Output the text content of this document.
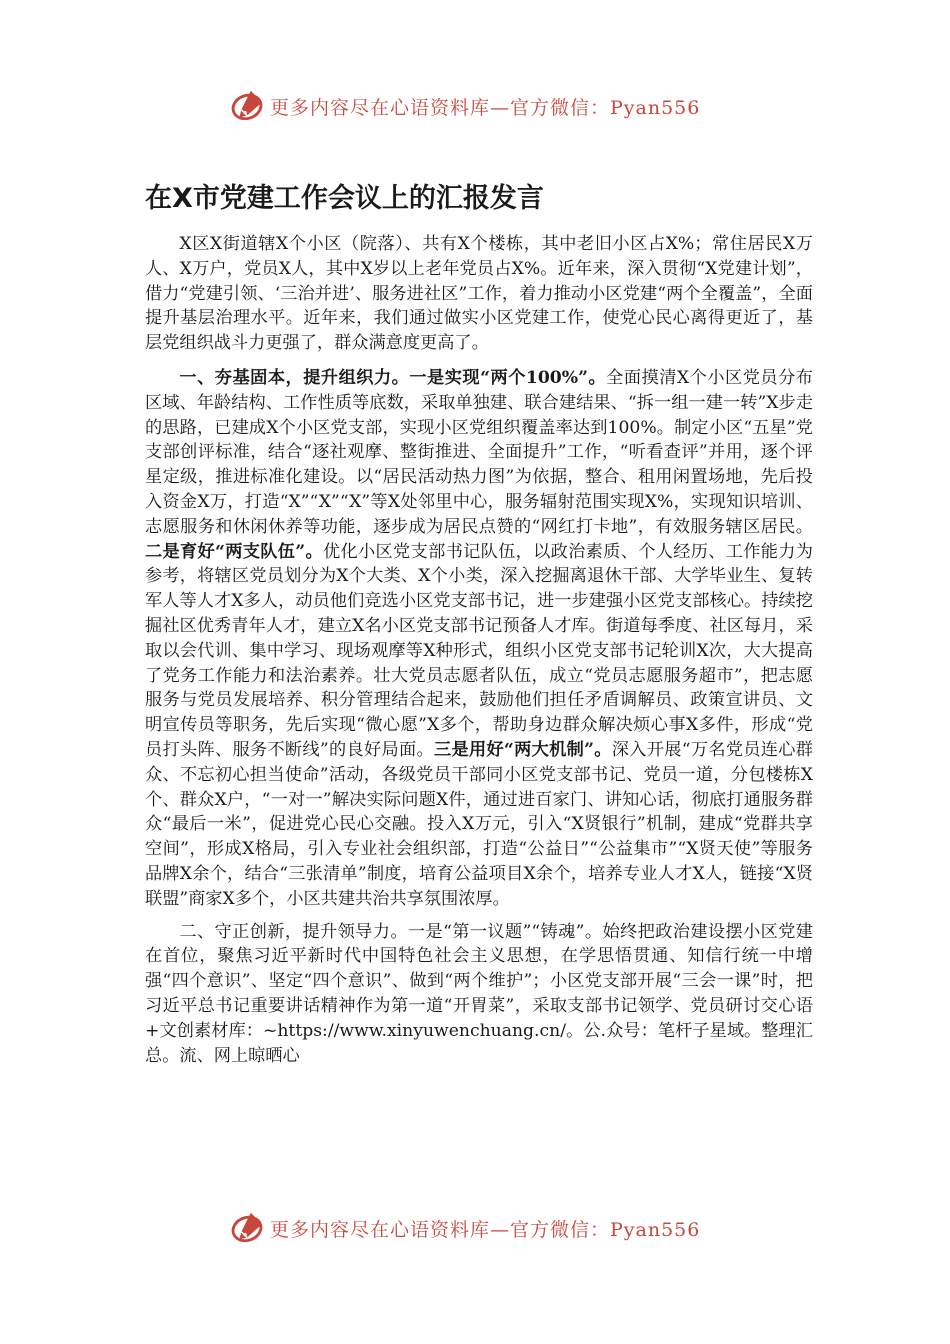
更多内容尽在心语资料库—官方微信：Pyan556
在X市党建工作会议上的汇报发言

X区X街道辖X个小区（院落）、共有X个楼栋，其中老旧小区占X%；常住居民X万人、X万户，党员X人，其中X岁以上老年党员占X%。近年来，深入贯彻“X党建计划”，借力“党建引领、‘三治并进’、服务进社区”工作，着力推动小区党建“两个全覆盖”，全面提升基层治理水平。近年来，我们通过做实小区党建工作，使党心民心离得更近了，基层党组织战斗力更强了，群众满意度更高了。

一、夯基固本，提升组织力。一是实现“两个100%”。全面摸清X个小区党员分布区域、年龄结构、工作性质等底数，采取单独建、联合建结果、“拆一组一建一转”X步走的思路，已建成X个小区党支部，实现小区党组织覆盖率达到100%。制定小区“五星”党支部创评标准，结合“逐社观摩、整街推进、全面提升”工作，“听看查评”并用，逐个评星定级，推进标准化建设。以“居民活动热力图”为依据，整合、租用闲置场地，先后投入资金X万，打造“X”“X”“X”等X处邻里中心，服务辐射范围实现X%，实现知识培训、志愿服务和休闲休养等功能，逐步成为居民点赞的“网红打卡地”，有效服务辖区居民。二是育好“两支队伍”。优化小区党支部书记队伍，以政治素质、个人经历、工作能力为参考，将辖区党员划分为X个大类、X个小类，深入挖掘离退休干部、大学毕业生、复转军人等人才X多人，动员他们竞选小区党支部书记，进一步建强小区党支部核心。持续挖掘社区优秀青年人才，建立X名小区党支部书记预备人才库。街道每季度、社区每月，采取以会代训、集中学习、现场观摩等X种形式，组织小区党支部书记轮训X次，大大提高了党务工作能力和法治素养。壮大党员志愿者队伍，成立“党员志愿服务超市”，把志愿服务与党员发展培养、积分管理结合起来，鼓励他们担任矛盾调解员、政策宣讲员、文明宣传员等职务，先后实现“微心愿”X多个，帮助身边群众解决烦心事X多件，形成“党员打头阵、服务不断线”的良好局面。三是用好“两大机制”。深入开展“万名党员连心群众、不忘初心担当使命”活动，各级党员干部同小区党支部书记、党员一道，分包楼栋X个、群众X户，“一对一”解决实际问题X件，通过进百家门、讲知心话，彻底打通服务群众“最后一米”，促进党心民心交融。投入X万元，引入“X贤银行”机制，建成“党群共享空间”，形成X格局，引入专业社会组织部，打造“公益日”“公益集市”“X贤天使”等服务品牌X余个，结合“三张清单”制度，培育公益项目X余个，培养专业人才X人，链接“X贤联盟”商家X多个，小区共建共治共享氛围浓厚。

二、守正创新，提升领导力。一是“第一议题”“铸魂”。始终把政治建设摆小区党建在首位，聚焦习近平新时代中国特色社会主义思想，在学思悟贯通、知信行统一中增强“四个意识”、坚定“四个意识”、做到“两个维护”；小区党支部开展“三会一课”时，把习近平总书记重要讲话精神作为第一道“开胃菜”，采取支部书记领学、党员研讨交心语+文创素材库：~https://www.xinyuwenchuang.cn/。公.众号：笔杆子星域。整理汇总。流、网上晾晒心

更多内容尽在心语资料库—官方微信：Pyan556
